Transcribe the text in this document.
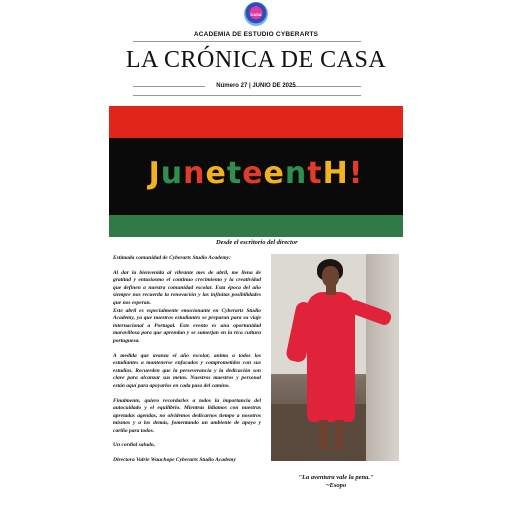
CASA
ACADEMIA DE ESTUDIO CYBERARTS
LA CRÓNICA DE CASA
Número 27 | JUNIO DE 2025
JuneteentH!
Desde el escritorio del director

Estimada comunidad de Cyberarts Studio Academy:

Al dar la bienvenida al vibrante mes de abril, me llena de gratitud y entusiasmo el continuo crecimiento y la creatividad que definen a nuestra comunidad escolar. Esta época del año siempre nos recuerda la renovación y las infinitas posibilidades que nos esperan.

Este abril es especialmente emocionante en Cyberarts Studio Academy, ya que nuestros estudiantes se preparan para su viaje internacional a Portugal. Este evento es una oportunidad maravillosa para que aprendan y se sumerjan en la rica cultura portuguesa.

A medida que avanza el año escolar, animo a todos los estudiantes a mantenerse enfocados y comprometidos con sus estudios. Recuerden que la perseverancia y la dedicación son clave para alcanzar sus metas. Nuestros maestros y personal están aquí para apoyarlos en cada paso del camino.

Finalmente, quiero recordarles a todos la importancia del autocuidado y el equilibrio. Mientras lidiamos con nuestras apretadas agendas, no olvidemos dedicarnos tiempo a nosotros mismos y a los demás, fomentando un ambiente de apoyo y cariño para todos.

Un cordial saludo,

Directora Valrie Wauchope Cyberarts Studio Academy

"La aventura vale la pena."
~Esopo
